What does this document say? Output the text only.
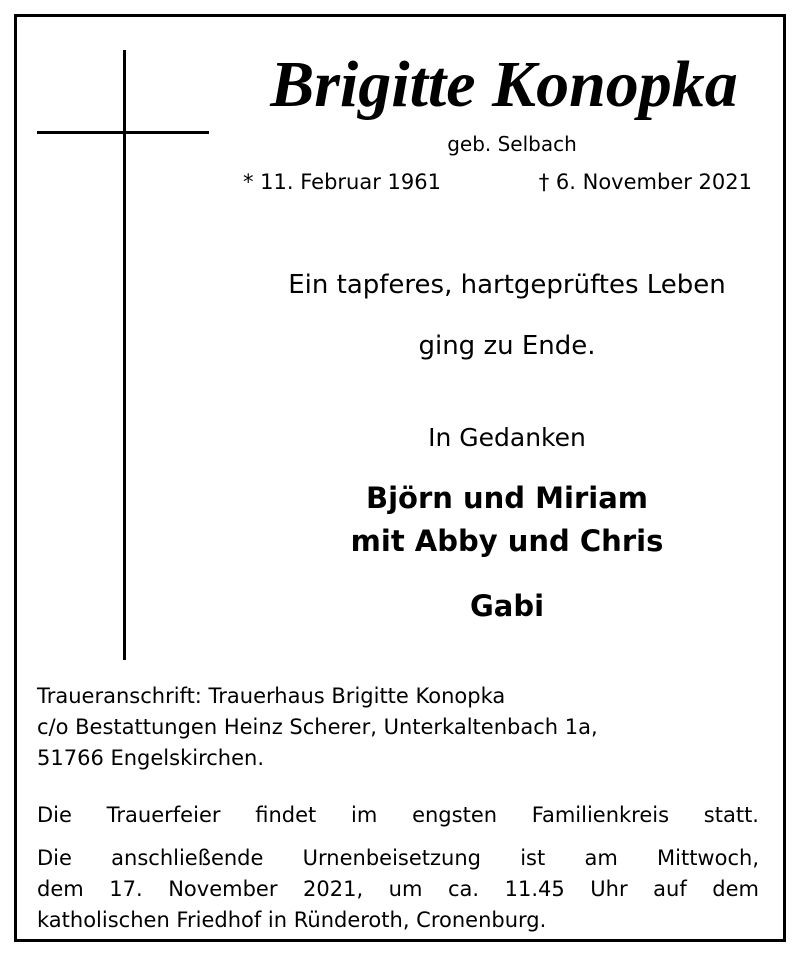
Brigitte Konopka
geb. Selbach
* 11. Februar 1961	† 6. November 2021
Ein tapferes, hartgeprüftes Leben
ging zu Ende.
In Gedanken
Björn und Miriam
mit Abby und Chris
Gabi

Traueranschrift: Trauerhaus Brigitte Konopka

c/o Bestattungen Heinz Scherer, Unterkaltenbach 1a,

51766 Engelskirchen.

Die Trauerfeier findet im engsten Familienkreis statt.

Die anschließende Urnenbeisetzung ist am Mittwoch,

dem 17. November 2021, um ca. 11.45 Uhr auf dem

katholischen Friedhof in Ründeroth, Cronenburg.
